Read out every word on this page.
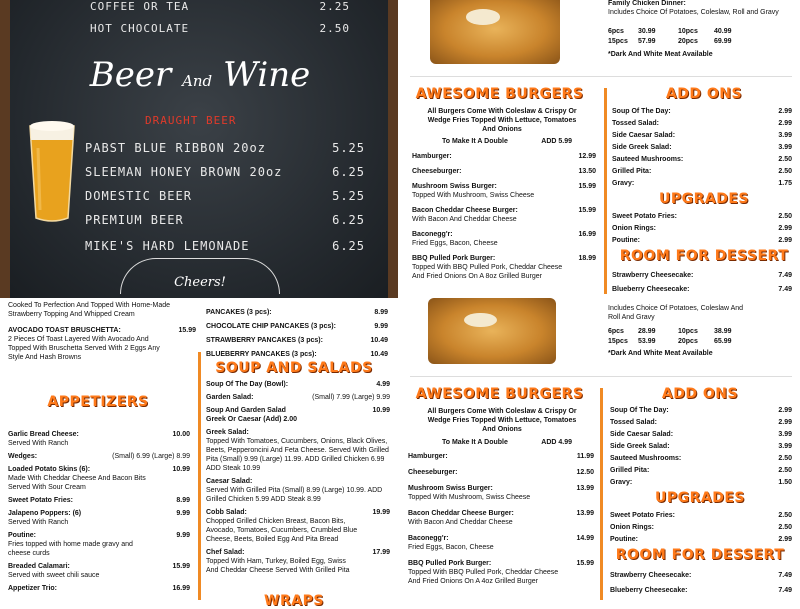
COFFEE OR TEA	2.25
HOT CHOCOLATE	2.50
Beer And Wine
DRAUGHT BEER
PABST BLUE RIBBON 20oz	5.25
SLEEMAN HONEY BROWN 20oz	6.25
DOMESTIC BEER	5.25
PREMIUM BEER	6.25
MIKE'S HARD LEMONADE	6.25
Cheers!
Family Chicken Dinner:
Includes Choice Of Potatoes, Coleslaw, Roll and Gravy
6pcs	30.99	10pcs	40.99
15pcs	57.99	20pcs	69.99
*Dark And White Meat Available
AWESOME BURGERS
All Burgers Come With Coleslaw & Crispy Or Wedge Fries Topped With Lettuce, Tomatoes And Onions
To Make It A Double	ADD 5.99
Hamburger:	12.99
Cheeseburger:	13.50
Mushroom Swiss Burger:	15.99
Topped With Mushroom, Swiss Cheese
Bacon Cheddar Cheese Burger:	15.99
With Bacon And Cheddar Cheese
Baconegg'r:	16.99
Fried Eggs, Bacon, Cheese
BBQ Pulled Pork Burger:	18.99
Topped With BBQ Pulled Pork, Cheddar Cheese And Fried Onions On A 8oz Grilled Burger
ADD ONS
Soup Of The Day:	2.99
Tossed Salad:	2.99
Side Caesar Salad:	3.99
Side Greek Salad:	3.99
Sauteed Mushrooms:	2.50
Grilled Pita:	2.50
Gravy:	1.75
UPGRADES
Sweet Potato Fries:	2.50
Onion Rings:	2.99
Poutine:	2.99
ROOM FOR DESSERT
Strawberry Cheesecake:	7.49
Blueberry Cheesecake:	7.49
Cooked To Perfection And Topped With Home-Made Strawberry Topping And Whipped Cream
AVOCADO TOAST BRUSCHETTA:	15.99
2 Pieces Of Toast Layered With Avocado And Topped With Bruschetta Served With 2 Eggs Any Style And Hash Browns
APPETIZERS
Garlic Bread Cheese:	10.00
Served With Ranch
Wedges:	(Small) 6.99 (Large) 8.99
Loaded Potato Skins (6):	10.99
Made With Cheddar Cheese And Bacon Bits Served With Sour Cream
Sweet Potato Fries:	8.99
Jalapeno Poppers: (6)	9.99
Served With Ranch
Poutine:	9.99
Fries topped with home made gravy and cheese curds
Breaded Calamari:	15.99
Served with sweet chili sauce
Appetizer Trio:	16.99
PANCAKES (3 pcs):	8.99
CHOCOLATE CHIP PANCAKES (3 pcs):	9.99
STRAWBERRY PANCAKES (3 pcs):	10.49
BLUEBERRY PANCAKES (3 pcs):	10.49
SOUP AND SALADS
Soup Of The Day (Bowl):	4.99
Garden Salad:	(Small) 7.99 (Large) 9.99
Soup And Garden Salad	10.99
Greek Or Caesar (Add) 2.00
Greek Salad:
Topped With Tomatoes, Cucumbers, Onions, Black Olives, Beets, Pepperoncini And Feta Cheese. Served With Grilled Pita (Small) 9.99 (Large) 11.99. ADD Grilled Chicken 6.99 ADD Steak 10.99
Caesar Salad:
Served With Grilled Pita (Small) 8.99 (Large) 10.99. ADD Grilled Chicken 5.99 ADD Steak 8.99
Cobb Salad:	19.99
Chopped Grilled Chicken Breast, Bacon Bits, Avocado, Tomatoes, Cucumbers, Crumbled Blue Cheese, Beets, Boiled Egg And Pita Bread
Chef Salad:	17.99
Topped With Ham, Turkey, Boiled Egg, Swiss And Cheddar Cheese Served With Grilled Pita
WRAPS
Includes Choice Of Potatoes, Coleslaw And Roll And Gravy
6pcs	28.99	10pcs	38.99
15pcs	53.99	20pcs	65.99
*Dark And White Meat Available
AWESOME BURGERS
All Burgers Come With Coleslaw & Crispy Or Wedge Fries Topped With Lettuce, Tomatoes And Onions
To Make It A Double	ADD 4.99
Hamburger:	11.99
Cheeseburger:	12.50
Mushroom Swiss Burger:	13.99
Topped With Mushroom, Swiss Cheese
Bacon Cheddar Cheese Burger:	13.99
With Bacon And Cheddar Cheese
Baconegg'r:	14.99
Fried Eggs, Bacon, Cheese
BBQ Pulled Pork Burger:	15.99
Topped With BBQ Pulled Pork, Cheddar Cheese And Fried Onions On A 4oz Grilled Burger
ADD ONS
Soup Of The Day:	2.99
Tossed Salad:	2.99
Side Caesar Salad:	3.99
Side Greek Salad:	3.99
Sauteed Mushrooms:	2.50
Grilled Pita:	2.50
Gravy:	1.50
UPGRADES
Sweet Potato Fries:	2.50
Onion Rings:	2.50
Poutine:	2.99
ROOM FOR DESSERT
Strawberry Cheesecake:	7.49
Blueberry Cheesecake:	7.49
